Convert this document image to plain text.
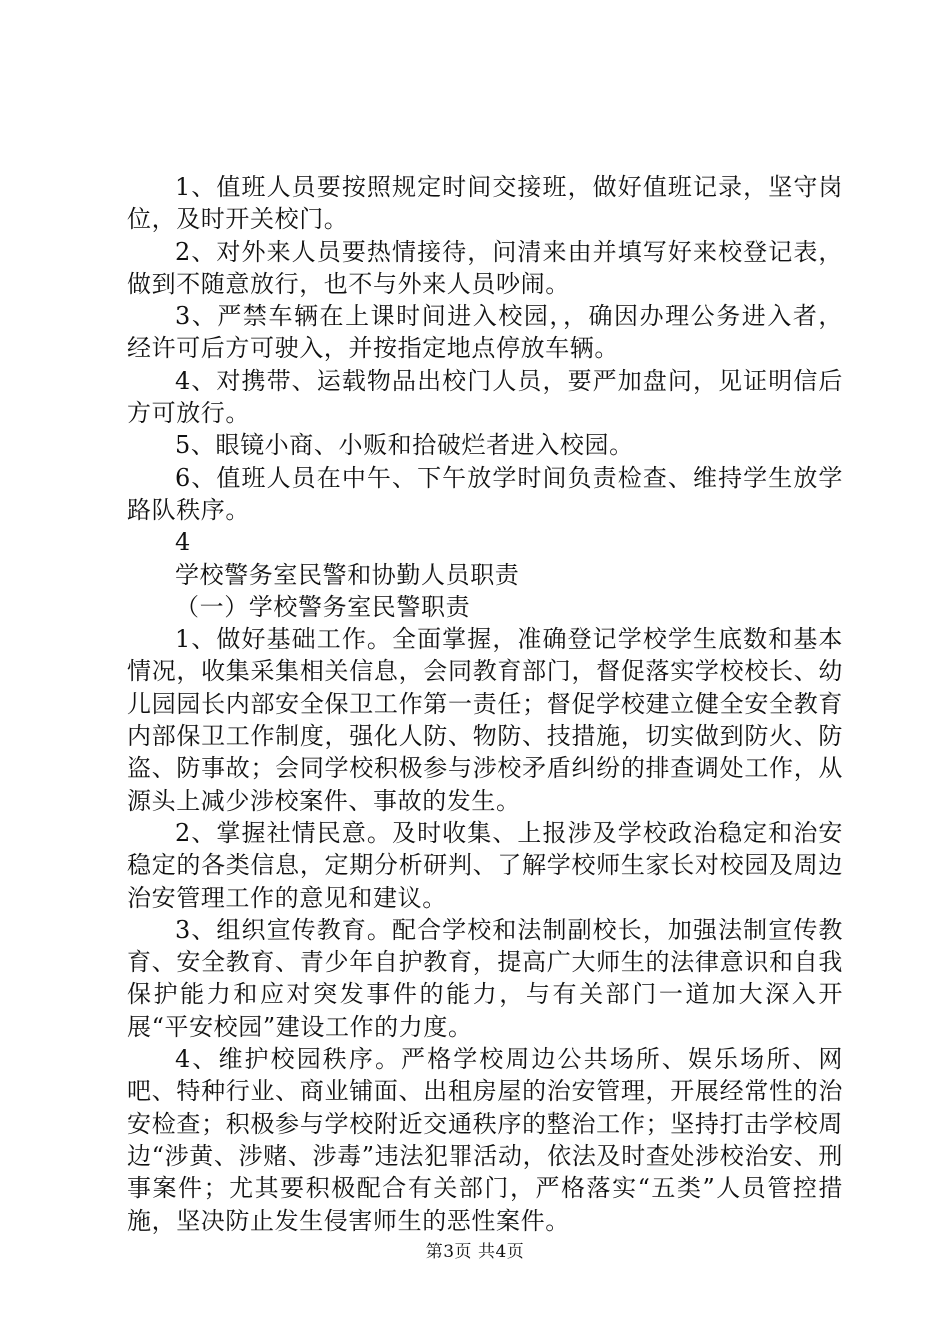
1、值班人员要按照规定时间交接班，做好值班记录，坚守岗位，及时开关校门。

2、对外来人员要热情接待，问清来由并填写好来校登记表，做到不随意放行，也不与外来人员吵闹。

3、严禁车辆在上课时间进入校园，，确因办理公务进入者，经许可后方可驶入，并按指定地点停放车辆。

4、对携带、运载物品出校门人员，要严加盘问，见证明信后方可放行。

5、眼镜小商、小贩和拾破烂者进入校园。

6、值班人员在中午、下午放学时间负责检查、维持学生放学路队秩序。

4

学校警务室民警和协勤人员职责

（一）学校警务室民警职责

1、做好基础工作。全面掌握，准确登记学校学生底数和基本情况，收集采集相关信息，会同教育部门，督促落实学校校长、幼儿园园长内部安全保卫工作第一责任；督促学校建立健全安全教育内部保卫工作制度，强化人防、物防、技措施，切实做到防火、防盗、防事故；会同学校积极参与涉校矛盾纠纷的排查调处工作，从源头上减少涉校案件、事故的发生。

2、掌握社情民意。及时收集、上报涉及学校政治稳定和治安稳定的各类信息，定期分析研判、了解学校师生家长对校园及周边治安管理工作的意见和建议。

3、组织宣传教育。配合学校和法制副校长，加强法制宣传教育、安全教育、青少年自护教育，提高广大师生的法律意识和自我保护能力和应对突发事件的能力，与有关部门一道加大深入开展“平安校园”建设工作的力度。

4、维护校园秩序。严格学校周边公共场所、娱乐场所、网吧、特种行业、商业铺面、出租房屋的治安管理，开展经常性的治安检查；积极参与学校附近交通秩序的整治工作；坚持打击学校周边“涉黄、涉赌、涉毒”违法犯罪活动，依法及时查处涉校治安、刑事案件；尤其要积极配合有关部门，严格落实“五类”人员管控措施，坚决防止发生侵害师生的恶性案件。

第3页 共4页
